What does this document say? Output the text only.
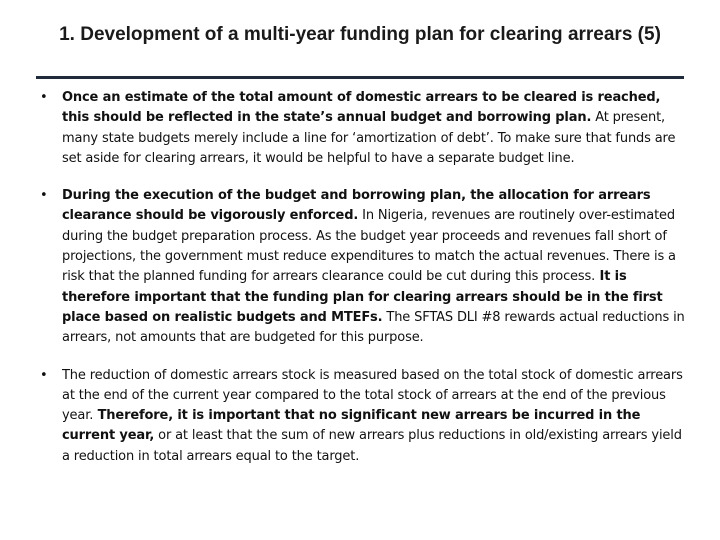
1. Development of a multi-year funding plan for clearing arrears (5)
• Once an estimate of the total amount of domestic arrears to be cleared is reached, this should be reflected in the state’s annual budget and borrowing plan. At present, many state budgets merely include a line for ‘amortization of debt’. To make sure that funds are set aside for clearing arrears, it would be helpful to have a separate budget line.
• During the execution of the budget and borrowing plan, the allocation for arrears clearance should be vigorously enforced. In Nigeria, revenues are routinely over-estimated during the budget preparation process. As the budget year proceeds and revenues fall short of projections, the government must reduce expenditures to match the actual revenues. There is a risk that the planned funding for arrears clearance could be cut during this process. It is therefore important that the funding plan for clearing arrears should be in the first place based on realistic budgets and MTEFs. The SFTAS DLI #8 rewards actual reductions in arrears, not amounts that are budgeted for this purpose.
• The reduction of domestic arrears stock is measured based on the total stock of domestic arrears at the end of the current year compared to the total stock of arrears at the end of the previous year. Therefore, it is important that no significant new arrears be incurred in the current year, or at least that the sum of new arrears plus reductions in old/existing arrears yield a reduction in total arrears equal to the target.
